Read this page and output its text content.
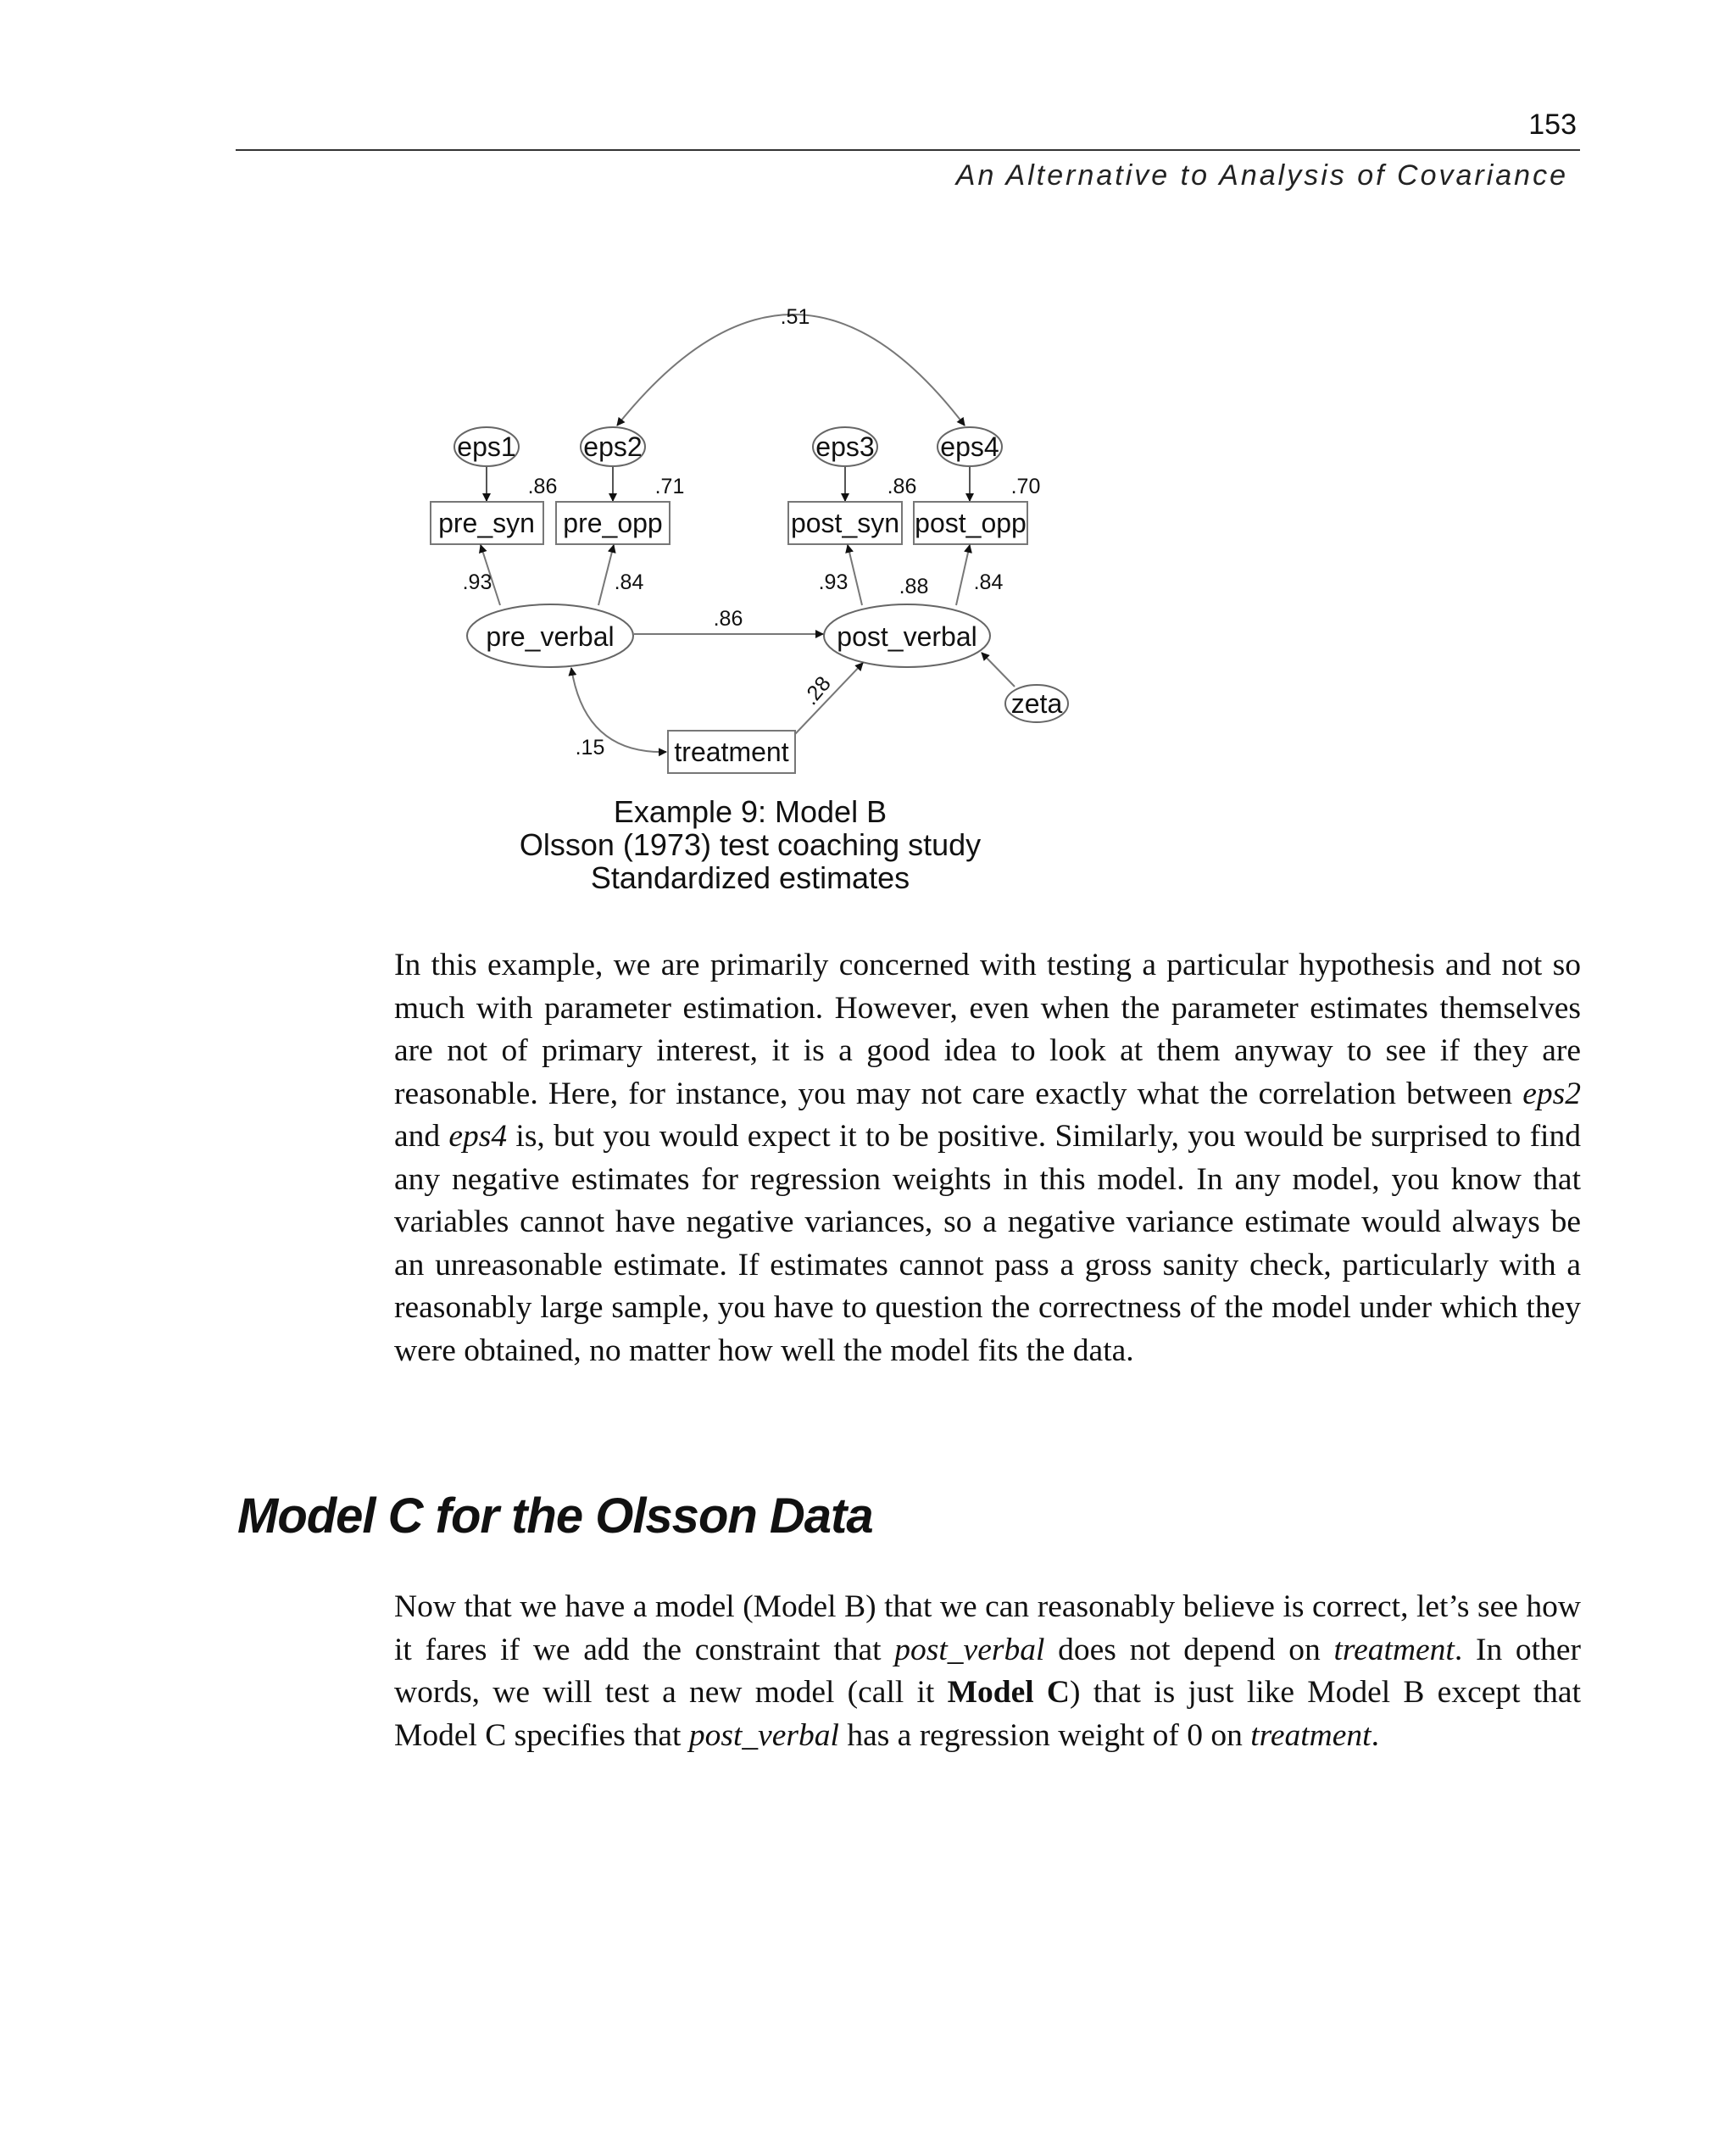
153
An Alternative to Analysis of Covariance
.51
eps1 eps2	eps3 eps4
.86	.71	.86	.70
pre_syn pre_opp	post_syn post_opp
.93	.84	.93 .88 .84
pre_verbal	post_verbal
.86
zeta
treatment
.28
.15
Example 9: Model B
Olsson (1973) test coaching study
Standardized estimates

In this example, we are primarily concerned with testing a particular hypothesis and not so much with parameter estimation. However, even when the parameter estimates themselves are not of primary interest, it is a good idea to look at them anyway to see if they are reasonable. Here, for instance, you may not care exactly what the correlation between eps2 and eps4 is, but you would expect it to be positive. Similarly, you would be surprised to find any negative estimates for regression weights in this model. In any model, you know that variables cannot have negative variances, so a negative variance estimate would always be an unreasonable estimate. If estimates cannot pass a gross sanity check, particularly with a reasonably large sample, you have to question the correctness of the model under which they were obtained, no matter how well the model fits the data.

Model C for the Olsson Data

Now that we have a model (Model B) that we can reasonably believe is correct, let’s see how it fares if we add the constraint that post_verbal does not depend on treatment. In other words, we will test a new model (call it Model C) that is just like Model B except that Model C specifies that post_verbal has a regression weight of 0 on treatment.
